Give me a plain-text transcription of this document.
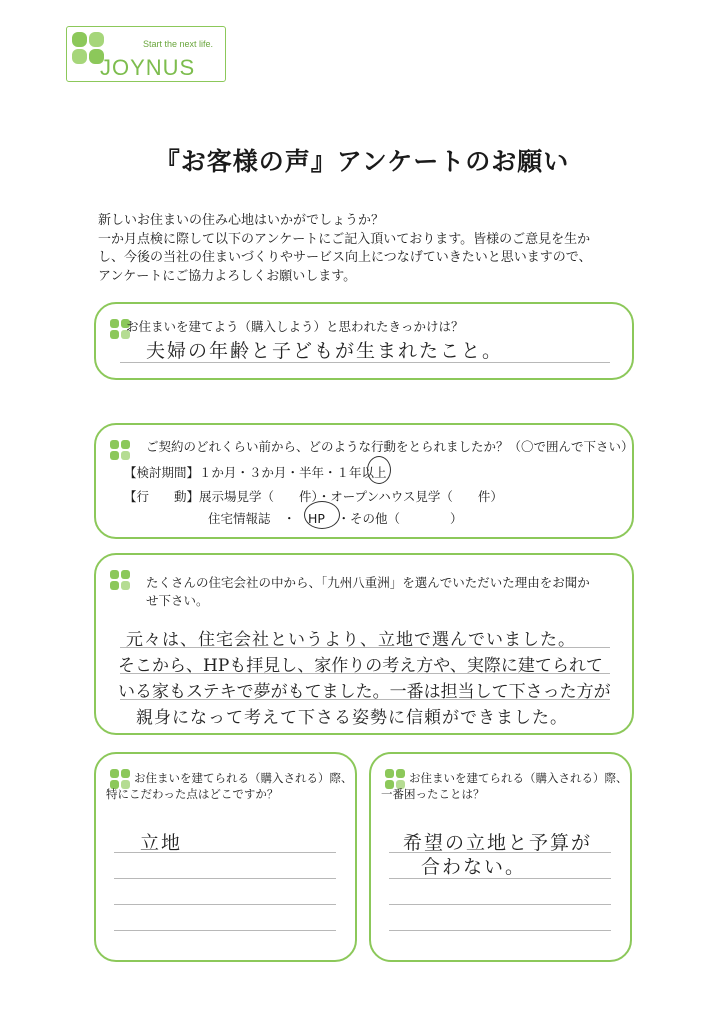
Start the next life.
JOYNUS
『お客様の声』アンケートのお願い
新しいお住まいの住み心地はいかがでしょうか？
一か月点検に際して以下のアンケートにご記入頂いております。皆様のご意見を生か
し、今後の当社の住まいづくりやサービス向上につなげていきたいと思いますので、
アンケートにご協力よろしくお願いします。
お住まいを建てよう（購入しよう）と思われたきっかけは？
夫婦の年齢と子どもが生まれたこと。
ご契約のどれくらい前から、どのような行動をとられましたか？（〇で囲んで下さい）
【検討期間】１か月・３か月・半年・１年以上
【行　　動】展示場見学（　　件）・オープンハウス見学（　　件）
住宅情報誌　・　HP　・その他（　　　　）
たくさんの住宅会社の中から、「九州八重洲」を選んでいただいた理由をお聞か
せ下さい。
元々は、住宅会社というより、立地で選んでいました。
そこから、HPも拝見し、家作りの考え方や、実際に建てられて
いる家もステキで夢がもてました。一番は担当して下さった方が
親身になって考えて下さる姿勢に信頼ができました。
お住まいを建てられる（購入される）際、
特にこだわった点はどこですか？
立地
お住まいを建てられる（購入される）際、
一番困ったことは？
希望の立地と予算が
合わない。
